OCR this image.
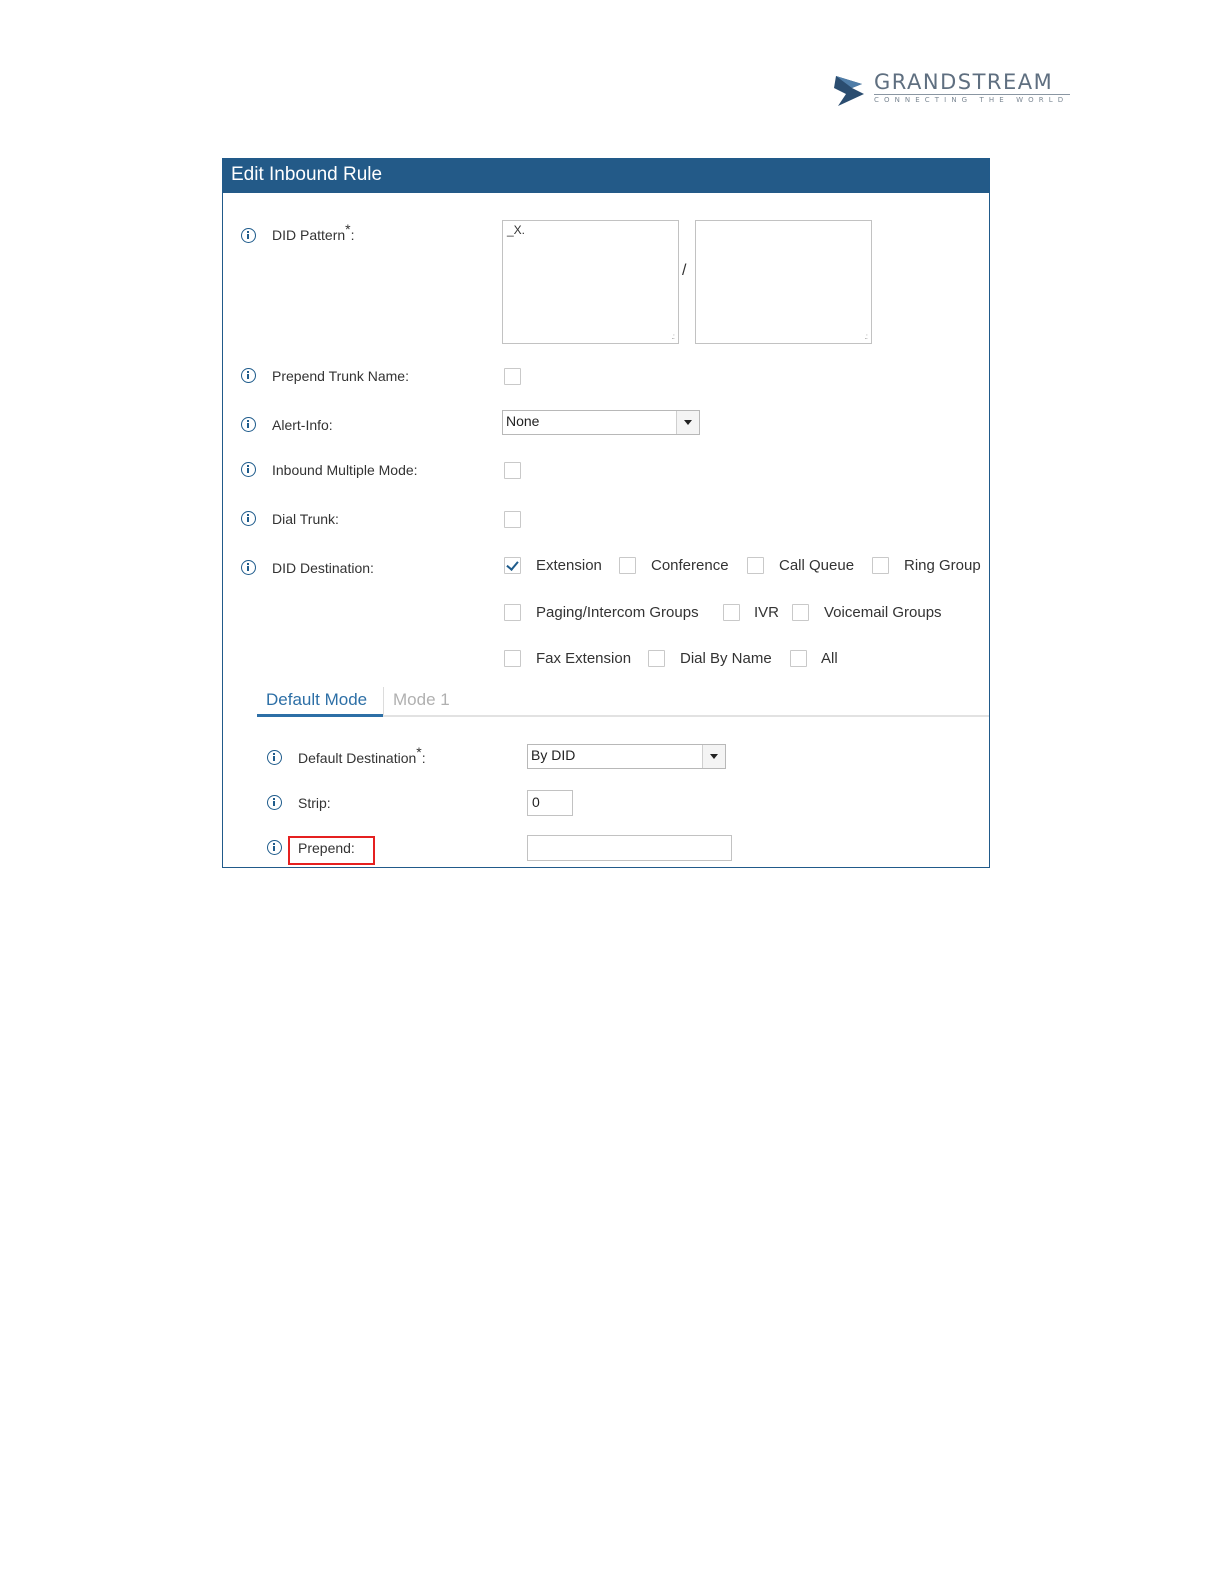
GRANDSTREAM
CONNECTING THE WORLD
Edit Inbound Rule
DID Pattern*:	_X.
.:
/
.:
Prepend Trunk Name:
Alert-Info:	None
Inbound Multiple Mode:
Dial Trunk:
DID Destination:	Extension	Conference	Call Queue	Ring Group
Paging/Intercom Groups	IVR	Voicemail Groups
Fax Extension	Dial By Name	All
Default Mode Mode 1
Default Destination*:	By DID
Strip:	0
Prepend:
